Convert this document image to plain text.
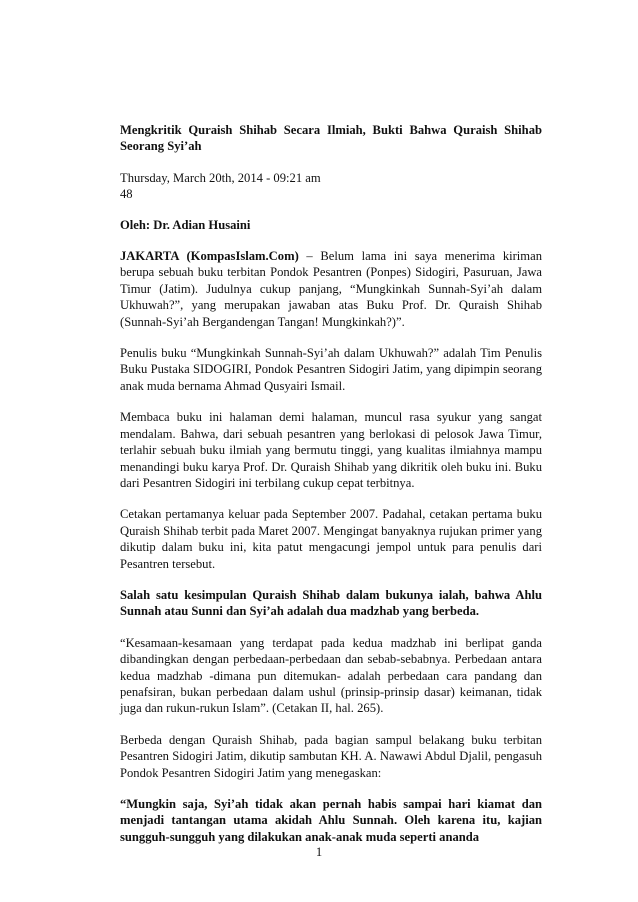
Mengkritik Quraish Shihab Secara Ilmiah, Bukti Bahwa Quraish Shihab Seorang Syi’ah

Thursday, March 20th, 2014 - 09:21 am
48

Oleh: Dr. Adian Husaini

JAKARTA (KompasIslam.Com) – Belum lama ini saya menerima kiriman berupa sebuah buku terbitan Pondok Pesantren (Ponpes) Sidogiri, Pasuruan, Jawa Timur (Jatim). Judulnya cukup panjang, “Mungkinkah Sunnah-Syi’ah dalam Ukhuwah?”, yang merupakan jawaban atas Buku Prof. Dr. Quraish Shihab (Sunnah-Syi’ah Bergandengan Tangan! Mungkinkah?)”.

Penulis buku “Mungkinkah Sunnah-Syi’ah dalam Ukhuwah?” adalah Tim Penulis Buku Pustaka SIDOGIRI, Pondok Pesantren Sidogiri Jatim, yang dipimpin seorang anak muda bernama Ahmad Qusyairi Ismail.

Membaca buku ini halaman demi halaman, muncul rasa syukur yang sangat mendalam. Bahwa, dari sebuah pesantren yang berlokasi di pelosok Jawa Timur, terlahir sebuah buku ilmiah yang bermutu tinggi, yang kualitas ilmiahnya mampu menandingi buku karya Prof. Dr. Quraish Shihab yang dikritik oleh buku ini. Buku dari Pesantren Sidogiri ini terbilang cukup cepat terbitnya.

Cetakan pertamanya keluar pada September 2007. Padahal, cetakan pertama buku Quraish Shihab terbit pada Maret 2007. Mengingat banyaknya rujukan primer yang dikutip dalam buku ini, kita patut mengacungi jempol untuk para penulis dari Pesantren tersebut.

Salah satu kesimpulan Quraish Shihab dalam bukunya ialah, bahwa Ahlu Sunnah atau Sunni dan Syi’ah adalah dua madzhab yang berbeda.

“Kesamaan-kesamaan yang terdapat pada kedua madzhab ini berlipat ganda dibandingkan dengan perbedaan-perbedaan dan sebab-sebabnya. Perbedaan antara kedua madzhab -dimana pun ditemukan- adalah perbedaan cara pandang dan penafsiran, bukan perbedaan dalam ushul (prinsip-prinsip dasar) keimanan, tidak juga dan rukun-rukun Islam”. (Cetakan II, hal. 265).

Berbeda dengan Quraish Shihab, pada bagian sampul belakang buku terbitan Pesantren Sidogiri Jatim, dikutip sambutan KH. A. Nawawi Abdul Djalil, pengasuh Pondok Pesantren Sidogiri Jatim yang menegaskan:

“Mungkin saja, Syi’ah tidak akan pernah habis sampai hari kiamat dan menjadi tantangan utama akidah Ahlu Sunnah. Oleh karena itu, kajian sungguh-sungguh yang dilakukan anak-anak muda seperti ananda

1
